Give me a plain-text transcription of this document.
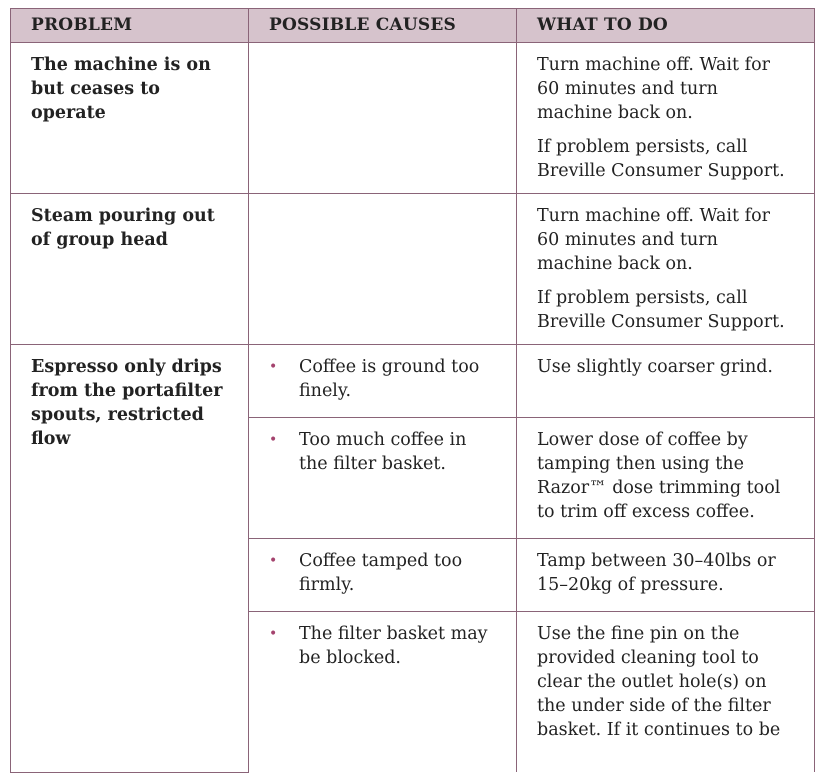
PROBLEM	POSSIBLE CAUSES	WHAT TO DO

The machine is on but ceases to operate		Turn machine off. Wait for 60 minutes and turn machine back on.

If problem persists, call Breville Consumer Support.

Steam pouring out of group head		Turn machine off. Wait for 60 minutes and turn machine back on.

If problem persists, call Breville Consumer Support.

Espresso only drips from the portafilter spouts, restricted flow	• Coffee is ground too finely.	Use slightly coarser grind.

	• Too much coffee in the filter basket.	Lower dose of coffee by tamping then using the Razor™ dose trimming tool to trim off excess coffee.

	• Coffee tamped too firmly.	Tamp between 30–40lbs or 15–20kg of pressure.

	• The filter basket may be blocked.	Use the fine pin on the provided cleaning tool to clear the outlet hole(s) on the under side of the filter basket. If it continues to be
